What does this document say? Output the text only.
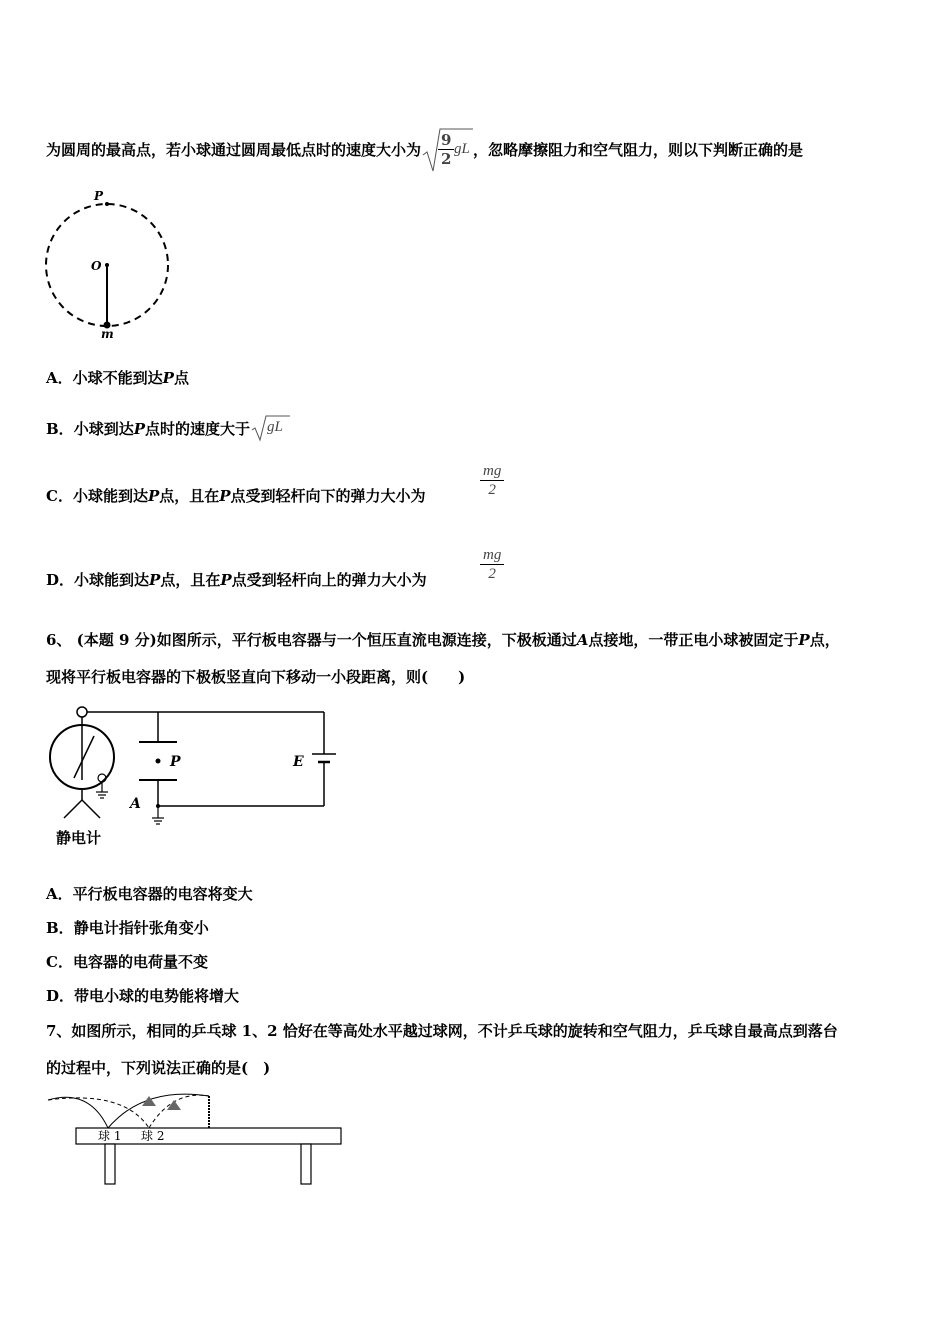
为圆周的最高点，若小球通过圆周最低点时的速度大小为 $\frac{9}{2}$ gL ，忽略摩擦阻力和空气阻力，则以下判断正确的是
P
O
m
A．小球不能到达P点
B．小球到达P点时的速度大于 gL
C．小球能到达P点，且在P点受到轻杆向下的弹力大小为	$\frac{mg}{2}$
D．小球能到达P点，且在P点受到轻杆向上的弹力大小为	$\frac{mg}{2}$
6、 (本题 9 分)如图所示，平行板电容器与一个恒压直流电源连接，下极板通过A点接地，一带正电小球被固定于P点，
现将平行板电容器的下极板竖直向下移动一小段距离，则(　　)
P	E
A
静电计
A．平行板电容器的电容将变大
B．静电计指针张角变小
C．电容器的电荷量不变
D．带电小球的电势能将增大
7、如图所示，相同的乒乓球 1、2 恰好在等高处水平越过球网，不计乒乓球的旋转和空气阻力，乒乓球自最高点到落台
的过程中，下列说法正确的是(　)
球 1 球 2
